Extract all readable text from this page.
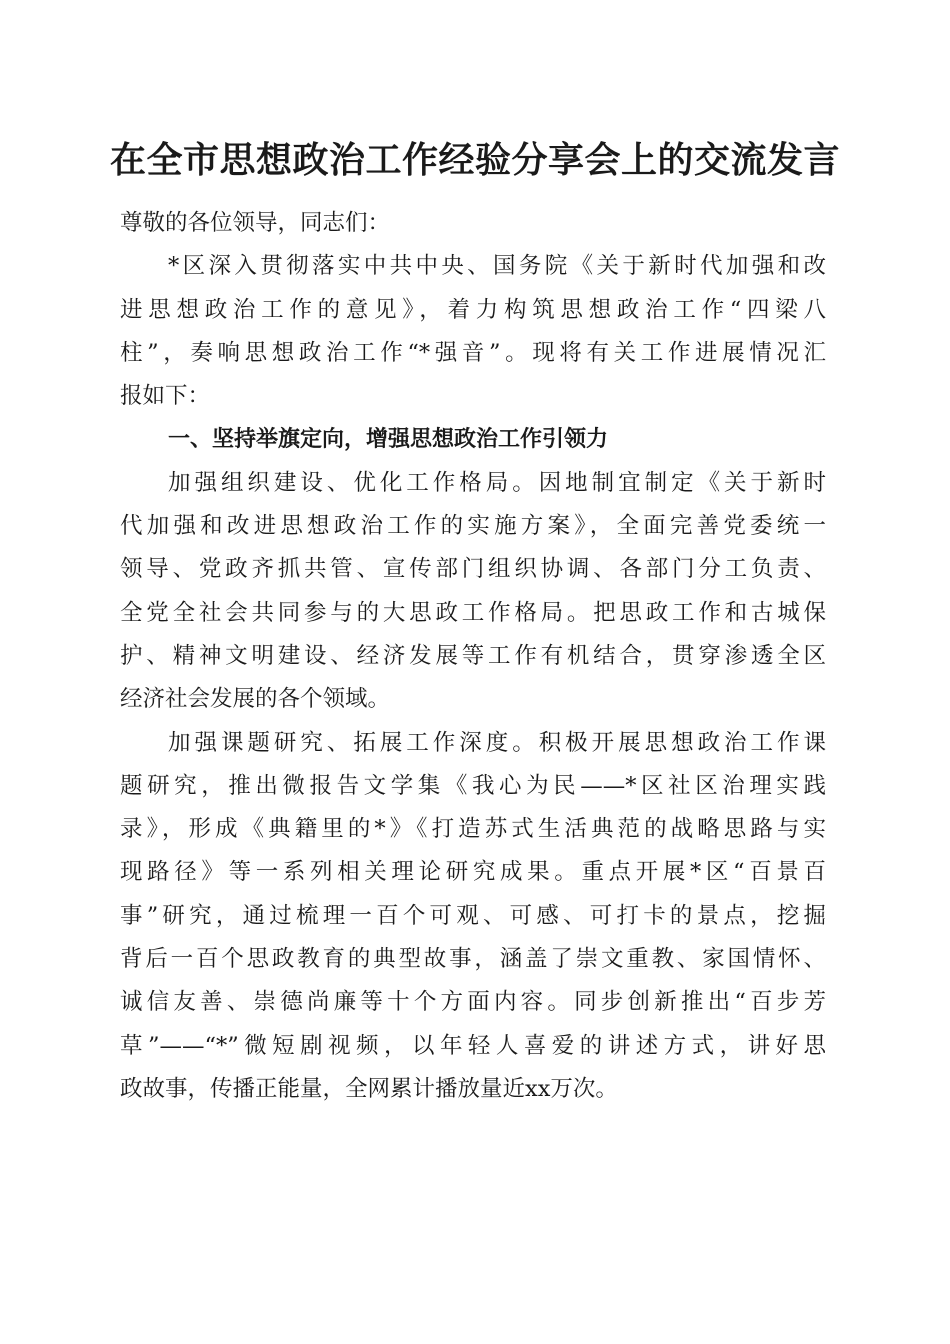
在全市思想政治工作经验分享会上的交流发言
尊敬的各位领导，同志们：
*区深入贯彻落实中共中央、国务院《关于新时代加强和改
进思想政治工作的意见》，着力构筑思想政治工作“四梁八
柱”，奏响思想政治工作“*强音”。现将有关工作进展情况汇
报如下：
一、坚持举旗定向，增强思想政治工作引领力
加强组织建设、优化工作格局。因地制宜制定《关于新时
代加强和改进思想政治工作的实施方案》，全面完善党委统一
领导、党政齐抓共管、宣传部门组织协调、各部门分工负责、
全党全社会共同参与的大思政工作格局。把思政工作和古城保
护、精神文明建设、经济发展等工作有机结合，贯穿渗透全区
经济社会发展的各个领域。
加强课题研究、拓展工作深度。积极开展思想政治工作课
题研究，推出微报告文学集《我心为民——*区社区治理实践
录》，形成《典籍里的*》《打造苏式生活典范的战略思路与实
现路径》等一系列相关理论研究成果。重点开展*区“百景百
事”研究，通过梳理一百个可观、可感、可打卡的景点，挖掘
背后一百个思政教育的典型故事，涵盖了崇文重教、家国情怀、
诚信友善、崇德尚廉等十个方面内容。同步创新推出“百步芳
草”——“*”微短剧视频，以年轻人喜爱的讲述方式，讲好思
政故事，传播正能量，全网累计播放量近xx万次。
